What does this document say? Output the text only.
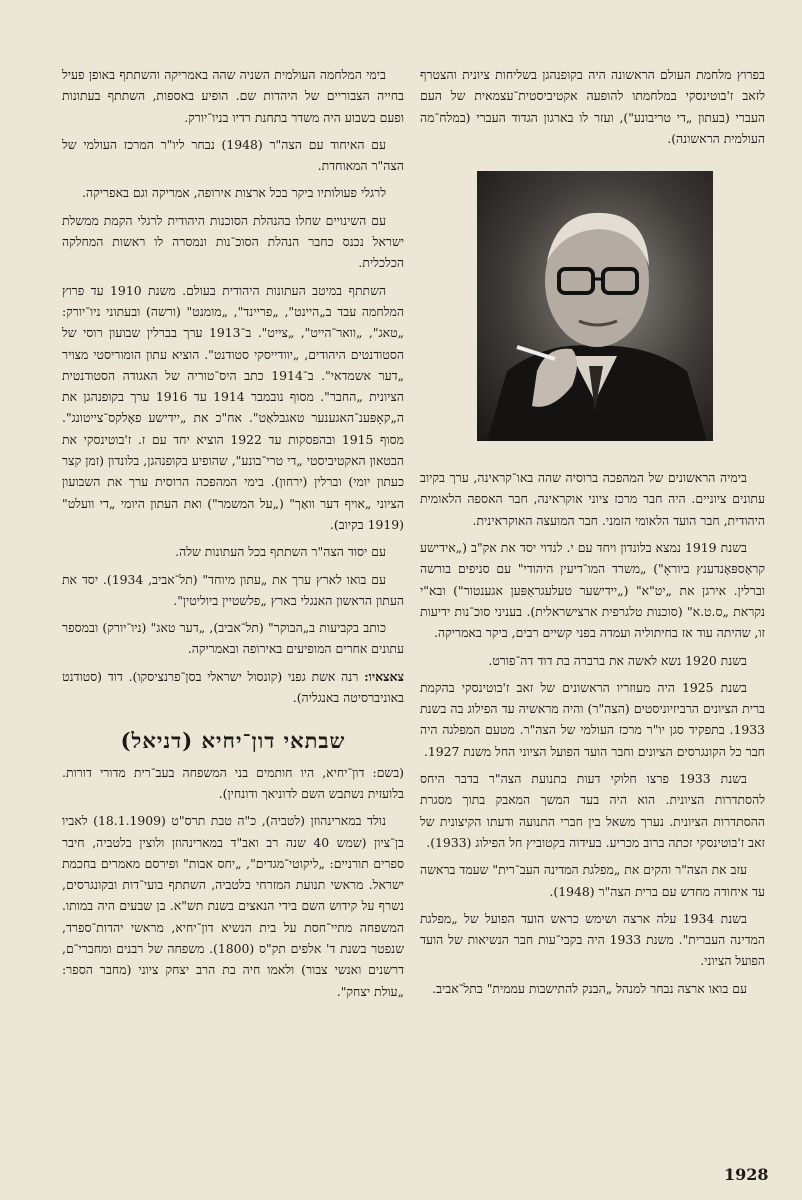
בפרוץ מלחמת העולם הראשונה היה בקופנהגן בשליחות ציונית והצטרף לזאב ז'בוטינסקי במלחמתו להופעה אקטיביסטית־עצמאית של העם העברי (בעתון „די טריבונע"), ועזר לו בארגון הגדוד העברי (במלח־מה העולמית הראשונה).

בימיה הראשונים של המהפכה ברוסיה שהה באו־קראינה, ערך בקיוב עתונים ציוניים. היה חבר מרכז ציוני אוקראינה, חבר האספה הלאומית היהודית, חבר הועד הלאומי הזמני. חבר המועצה האוקראינית.

בשנת 1919 נמצא בלונדון ויחד עם י. לנדוי יסד את אק"ב („אידישע קראָספּאָנדענץ ביוראָ") „משרד המו־דיעין היהודי" עם סניפים בורשה וברלין. אירגן את „יט"א" („יידישער טעלעגראַפּען אגענטור") ובא"י נקראת „ס.ט.א" (סוכנות טלגרפית ארצישראלית). בעניני סוכ־נות ידיעות זו, שהיתה עוד אז בחיתוליה ועמדה בפני קשיים רבים, ביקר באמריקה.

בשנת 1920 נשא לאשה את ברברה בת דוד דה־פורט.

בשנת 1925 היה מעוזריו הראשונים של זאב ז'בוטינסקי בהקמת ברית הציונים הרביזיוניסטים (הצה"ר) והיה מראשיה עד הפילוג בה בשנת 1933. בתפקיד סגן יו"ר מרכז העולמי של הצה"ר. מטעם המפלגה היה חבר כל הקונגרסים הציונים וחבר הועד הפועל הציוני החל משנת 1927.

בשנת 1933 פרצו חלוקי דעות בתנועת הצה"ר בדבר היחס להסתדרות הציונית. הוא היה בעד המשך המאבק בתוך מסגרת ההסתדרות הציונית. נערך משאל בין חברי התנועה ודעתו הקיצונית של זאב ז'בוטינסקי זכתה ברוב מכריע. בעידוה בקטוביץ חל הפילוג (1933).

עזב את הצה"ר והקים את „מפלגת המדינה העב־רית" שעמד בראשה עד איחודה מחדש עם ברית הצה"ר (1948).

בשנת 1934 עלה ארצה ושימש כראש הועד הפועל של „מפלגת המדינה העברית". משנת 1933 היה בקבי־עות חבר הנשיאות של הועד הפועל הציוני.

עם בואו ארצה נבחר למנהל „הבנק להתישבות עממית" בתל־אביב.

בימי המלחמה העולמית השניה שהה באמריקה והשתתף באופן פעיל בחייה הצבוריים של היהדות שם. הופיע באספות, השתתף בעתונות ופעם בשבוע היה משדר בתחנת רדיו בניו־יורק.

עם האיחוד עם הצה"ר (1948) נבחר ליו"ר המרכז העולמי של הצה"ר המאוחדת.

לרגלי פעולותיו ביקר בכל ארצות אירופה, אמריקה וגם באפריקה.

עם השינויים שחלו בהנהלת הסוכנות היהודית לרגלי הקמת ממשלת ישראל נכנס כחבר הנהלת הסוכ־נות ונמסרה לו ראשות המחלקה הכלכלית.

השתתף במיטב העתונות היהודית בעולם. משנת 1910 עד פרוץ המלחמה עבד ב„היינט", „פריינד", „מומנט" (ורשה) ובעתוני ניו־יורק: „טאג", „וואר־הייט", „צייט". ב־1913 ערך בברלין שבועון רוסי של הסטודנטים היהודים, „יוודייסקי סטודנט". הוציא עתון הומוריסטי מצויר „דער אשמדאי". ב־1914 כתב היס־טוריה של האגודה הסטודנטית הציונית „החבר". מסוף נובמבר 1914 עד 1916 ערך בקופנהגן את ה„קאָפּענ־האגענער טאגבלאַט". אח"כ את „יידישע פאָלקס־צייטונג". מסוף 1915 ובהפסקות עד 1922 הוציא יחד עם ז. ז'בוטינסקי את הבטאון האקטיביסטי „די טרי־בונע", שהופיע בקופנהגן, בלונדון (זמן קצר כעתון יומי) וברלין (ירחון). בימי המהפכה הרוסית ערך את השבועון הציוני „אויף דער וואַך" („על המשמר") ואת העתון היומי „די וועלט" (1919 בקיוב).

עם יסוד הצה"ר השתתף בכל העתונות שלה.

עם בואו לארץ ערך את „עתון מיוחד" (תל־אביב, 1934). יסד את העתון הראשון האנגלי בארץ „פלשטיין ביוליטין".

כותב בקביעות ב„הבוקר" (תל־אביב), „דער טאג" (ניו־יורק) ובמספר עתונים אחרים המופיעים באירופה ובאמריקה.

צאצאיו: רנה אשת גפני (קונסול ישראלי בסן־פרנציסקו). דוד (סטודנט באוניברסיטה באנגליה).

שבתאי דון־יחיא (דניאל)

(בשם: דון־יחיא, היו חותמים בני המשפחה בעב־רית מדורי דורות. בלועזית נשתבש השם לדוניאך ודונחין).

נולד במארינהוזן (לטביה), כ"ה טבת תרס"ט (18.1.1909) לאביו בן־ציון (שמש 40 שנה רב ואב"ד במארינהוזן ולוצין בלטביה, חיבר ספרים תורניים: „ליקוטי־מגדים", „יחס אבות" ופירסם מאמרים בחכמת ישראל. מראשי תנועת המזרחי בלטביה, השתתף בועי־דות ובקונגרסים, נשרף על קידוש השם בידי הנאצים בשנת תש"א. בן שבעים היה במותו. המשפחה מתיי־חסת על בית הנשיא דון־יחיא, מראשי יהדות־ספרד, שנפטר בשנת ד' אלפים תק"ס (1800). משפחה של רבנים ומחברי־ם, דרשנים ואנשי צבור) ולאמו חיה בת הרב יצחק ציוני (מחבר הספר: „עולת יצחק".

1928
